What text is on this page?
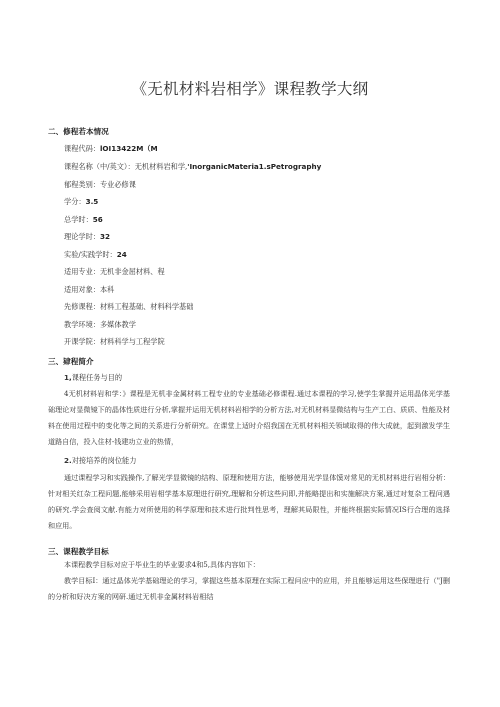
《无机材料岩相学》课程教学大纲
二、修程若本情况
课程代码：lOI13422M（M
课程名称（中/英文）：无机材料岩和学,'InorganicMateria1.sPetrography
郁程类别：专业必修课
学分：3.5
总学时：56
理论学时：32
实验/实践学时：24
适用专业：无机非金屈材料、程
适用对象：本科
先修课程：材料工程基础、材料科学基础
教学环境：多媒体教学
开课学院：材料科学与工程学院
三、肄程简介
1,课程任务与目的
4无机材料岩和学：》课程是无机非金属材料工程专业的专业基础必修课程.通过本课程的学习,使学生掌握并运用晶体光学基础理论对显微镜下的晶体性质进行分析,掌握并运用无机材料岩相学的分析方法,对无机材料显微结构与生产工白、质质、性能及材料在使用过程中的变化等之间的关系进行分析研究。在课堂上适时介绍我国在无机材料相关领域取得的伟大成就，起到激发学生道路自信，投入住材-钱建功立业的热情，
2.对接培养的岗位能力
通过课程学习和实践操作,了解光学显微镜的结构、原理和使用方法，能够使用光学显体馍对常见的无机材料进行岩相分析：针对相关红杂工程问题,能够采用岩相学基本原理进行研究,理解和分析这些问即,并能略提出和实施解决方案,通过对复杂工程问遇的研究.学会查阅文献.有能力对所使用的科学原理和技术进行批判性思考，理解其局限性，并能终根据实际情况IS行合理的选择和应用。
三、课程教学目标
本课程教学目标对应于毕业生的毕业要求4和5,具体内容如下：
教学目标I：通过晶体光学基础理论的学习，掌握这些基本原理在实际工程问应中的应用，并且能够运用这些保理进行（"J删的分析和好决方案的网研.通过无机非金属材料岩相结
